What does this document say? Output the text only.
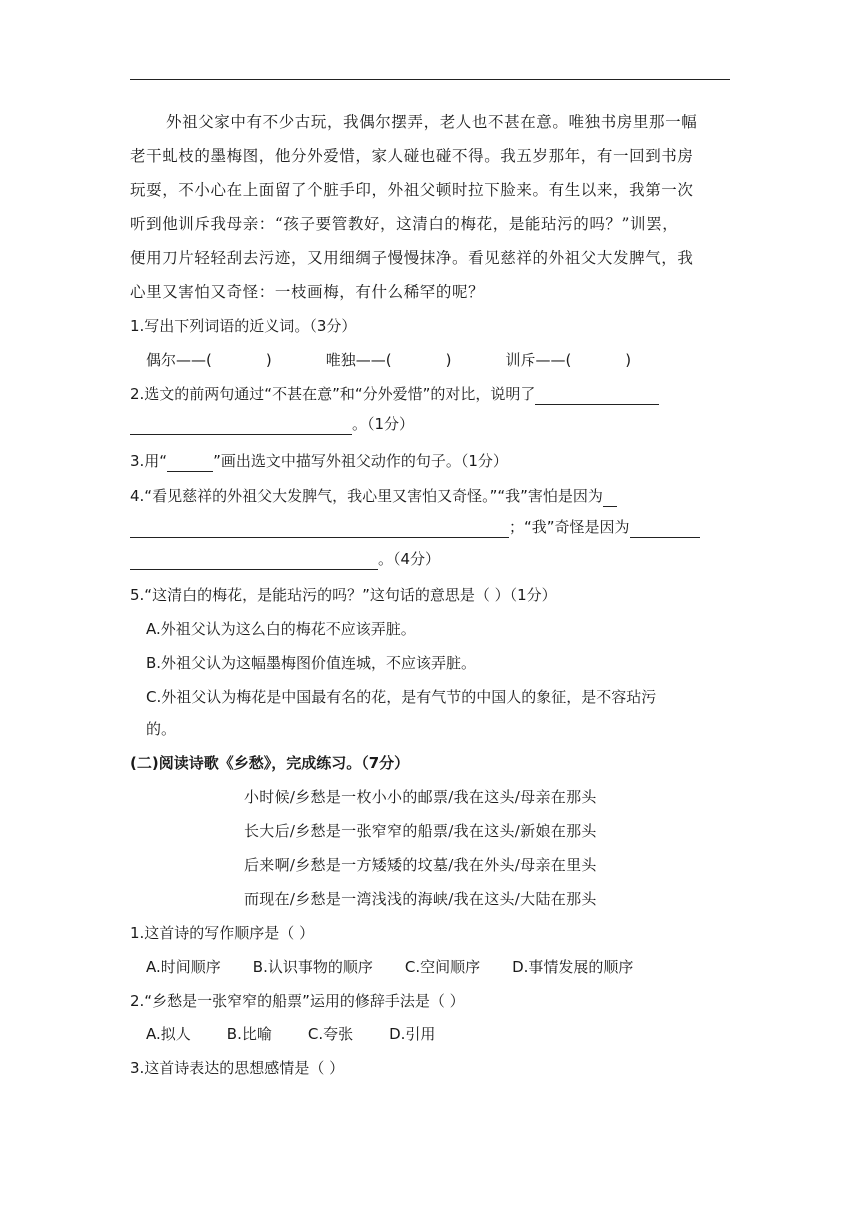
外祖父家中有不少古玩，我偶尔摆弄，老人也不甚在意。唯独书房里那一幅
老干虬枝的墨梅图，他分外爱惜，家人碰也碰不得。我五岁那年，有一回到书房
玩耍，不小心在上面留了个脏手印，外祖父顿时拉下脸来。有生以来，我第一次
听到他训斥我母亲：“孩子要管教好，这清白的梅花，是能玷污的吗？”训罢，
便用刀片轻轻刮去污迹，又用细绸子慢慢抹净。看见慈祥的外祖父大发脾气，我
心里又害怕又奇怪：一枝画梅，有什么稀罕的呢？
1.写出下列词语的近义词。（3分）
偶尔——(	)	唯独——(	)	训斥——(	)
2.选文的前两句通过“不甚在意”和“分外爱惜”的对比，说明了
。（1分）
3.用“	”画出选文中描写外祖父动作的句子。（1分）
4.“看见慈祥的外祖父大发脾气，我心里又害怕又奇怪。”“我”害怕是因为
；“我”奇怪是因为
。（4分）
5.“这清白的梅花，是能玷污的吗？”这句话的意思是（ ）（1分）
A.外祖父认为这么白的梅花不应该弄脏。
B.外祖父认为这幅墨梅图价值连城，不应该弄脏。
C.外祖父认为梅花是中国最有名的花，是有气节的中国人的象征，是不容玷污
的。
(二)阅读诗歌《乡愁》，完成练习。（7分）
小时候/乡愁是一枚小小的邮票/我在这头/母亲在那头
长大后/乡愁是一张窄窄的船票/我在这头/新娘在那头
后来啊/乡愁是一方矮矮的坟墓/我在外头/母亲在里头
而现在/乡愁是一湾浅浅的海峡/我在这头/大陆在那头
1.这首诗的写作顺序是（ ）
A.时间顺序 B.认识事物的顺序 C.空间顺序 D.事情发展的顺序
2.“乡愁是一张窄窄的船票”运用的修辞手法是（ ）
A.拟人 B.比喻 C.夸张 D.引用
3.这首诗表达的思想感情是（ ）
